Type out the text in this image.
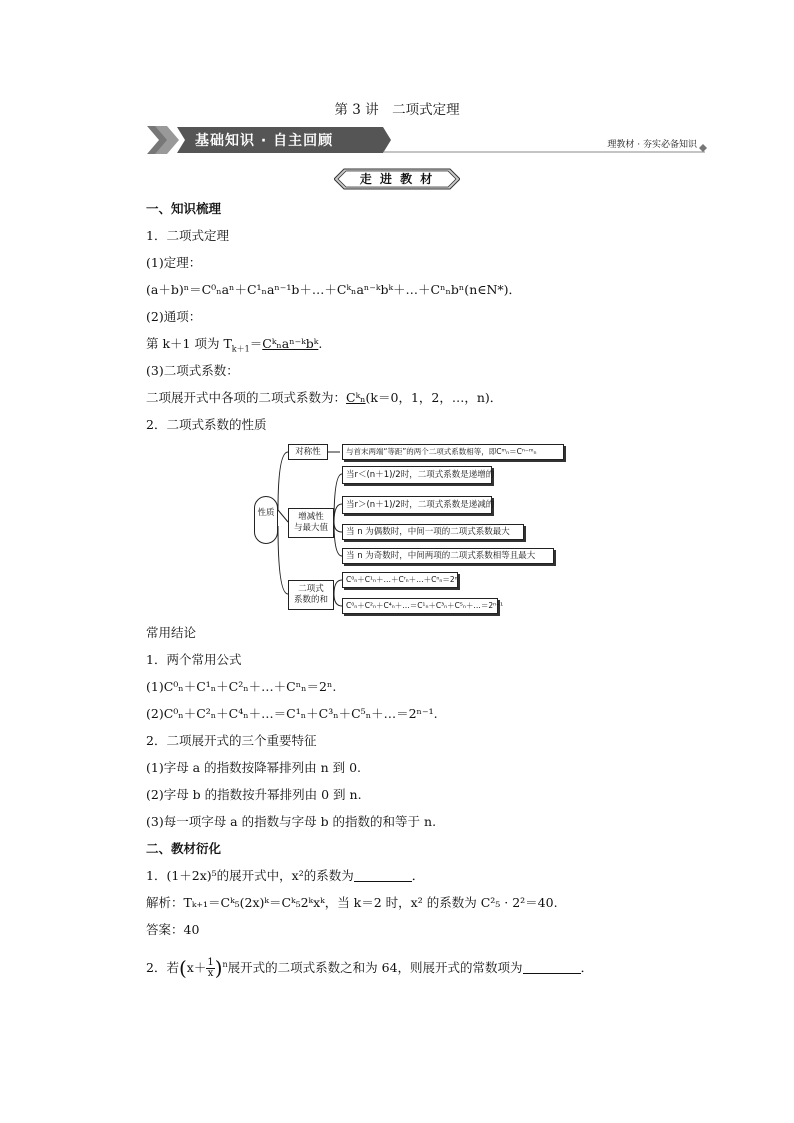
第 3 讲　二项式定理
基础知识 · 自主回顾	理教材 · 夯实必备知识
走 进 教 材
一、知识梳理
1．二项式定理
(1)定理：
(a＋b)ⁿ＝C⁰ₙaⁿ＋C¹ₙaⁿ⁻¹b＋…＋Cᵏₙaⁿ⁻ᵏbᵏ＋…＋Cⁿₙbⁿ(n∈N*)．
(2)通项：
第 k＋1 项为 $T_{k+1}=Cᵏ_na^{n-}ᵏbᵏ$.
(3)二项式系数：
二项展开式中各项的二项式系数为：Cᵏₙ(k＝0，1，2，…，n)．
2．二项式系数的性质
性质
对称性
增减性
与最大值
二项式
系数的和
与首末两端“等距”的两个二项式系数相等，即Cᵐₙ＝Cⁿ⁻ᵐₙ
当r＜(n＋1)/2时，二项式系数是递增的
当r＞(n＋1)/2时，二项式系数是递减的
当 n 为偶数时，中间一项的二项式系数最大
当 n 为奇数时，中间两项的二项式系数相等且最大
C⁰ₙ＋C¹ₙ＋…＋Cʳₙ＋…＋Cⁿₙ＝2ⁿ
C⁰ₙ＋C²ₙ＋C⁴ₙ＋…＝C¹ₙ＋C³ₙ＋C⁵ₙ＋…＝2ⁿ⁻¹
常用结论
1．两个常用公式
(1)C⁰ₙ＋C¹ₙ＋C²ₙ＋…＋Cⁿₙ＝2ⁿ.
(2)C⁰ₙ＋C²ₙ＋C⁴ₙ＋…＝C¹ₙ＋C³ₙ＋C⁵ₙ＋…＝2ⁿ⁻¹.
2．二项展开式的三个重要特征
(1)字母 a 的指数按降幂排列由 n 到 0.
(2)字母 b 的指数按升幂排列由 0 到 n.
(3)每一项字母 a 的指数与字母 b 的指数的和等于 n.
二、教材衍化
1．(1＋2x)⁵的展开式中，x²的系数为	．
解析：Tₖ₊₁＝Cᵏ₅(2x)ᵏ＝Cᵏ₅2ᵏxᵏ，当 k＝2 时，x² 的系数为 C²₅ · 2²＝40.
答案：40
2．若$(x+ \frac{1}{x} )^n$展开式的二项式系数之和为 64，则展开式的常数项为	．
